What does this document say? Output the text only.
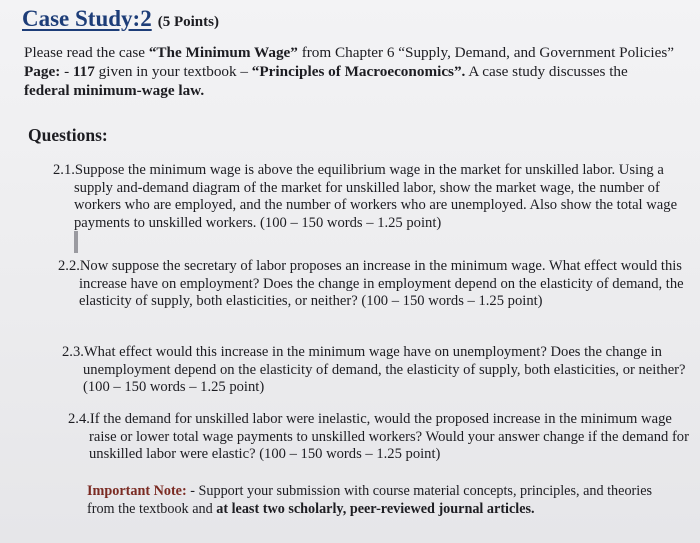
Case Study:2 (5 Points)
Please read the case “The Minimum Wage” from Chapter 6 “Supply, Demand, and Government Policies” Page: - 117 given in your textbook – “Principles of Macroeconomics”. A case study discusses the federal minimum-wage law.
Questions:
2.1.Suppose the minimum wage is above the equilibrium wage in the market for unskilled labor. Using a supply and-demand diagram of the market for unskilled labor, show the market wage, the number of workers who are employed, and the number of workers who are unemployed. Also show the total wage payments to unskilled workers. (100 – 150 words – 1.25 point)
2.2.Now suppose the secretary of labor proposes an increase in the minimum wage. What effect would this increase have on employment? Does the change in employment depend on the elasticity of demand, the elasticity of supply, both elasticities, or neither? (100 – 150 words – 1.25 point)
2.3.What effect would this increase in the minimum wage have on unemployment? Does the change in unemployment depend on the elasticity of demand, the elasticity of supply, both elasticities, or neither? (100 – 150 words – 1.25 point)
2.4.If the demand for unskilled labor were inelastic, would the proposed increase in the minimum wage raise or lower total wage payments to unskilled workers? Would your answer change if the demand for unskilled labor were elastic? (100 – 150 words – 1.25 point)
Important Note: - Support your submission with course material concepts, principles, and theories from the textbook and at least two scholarly, peer-reviewed journal articles.
